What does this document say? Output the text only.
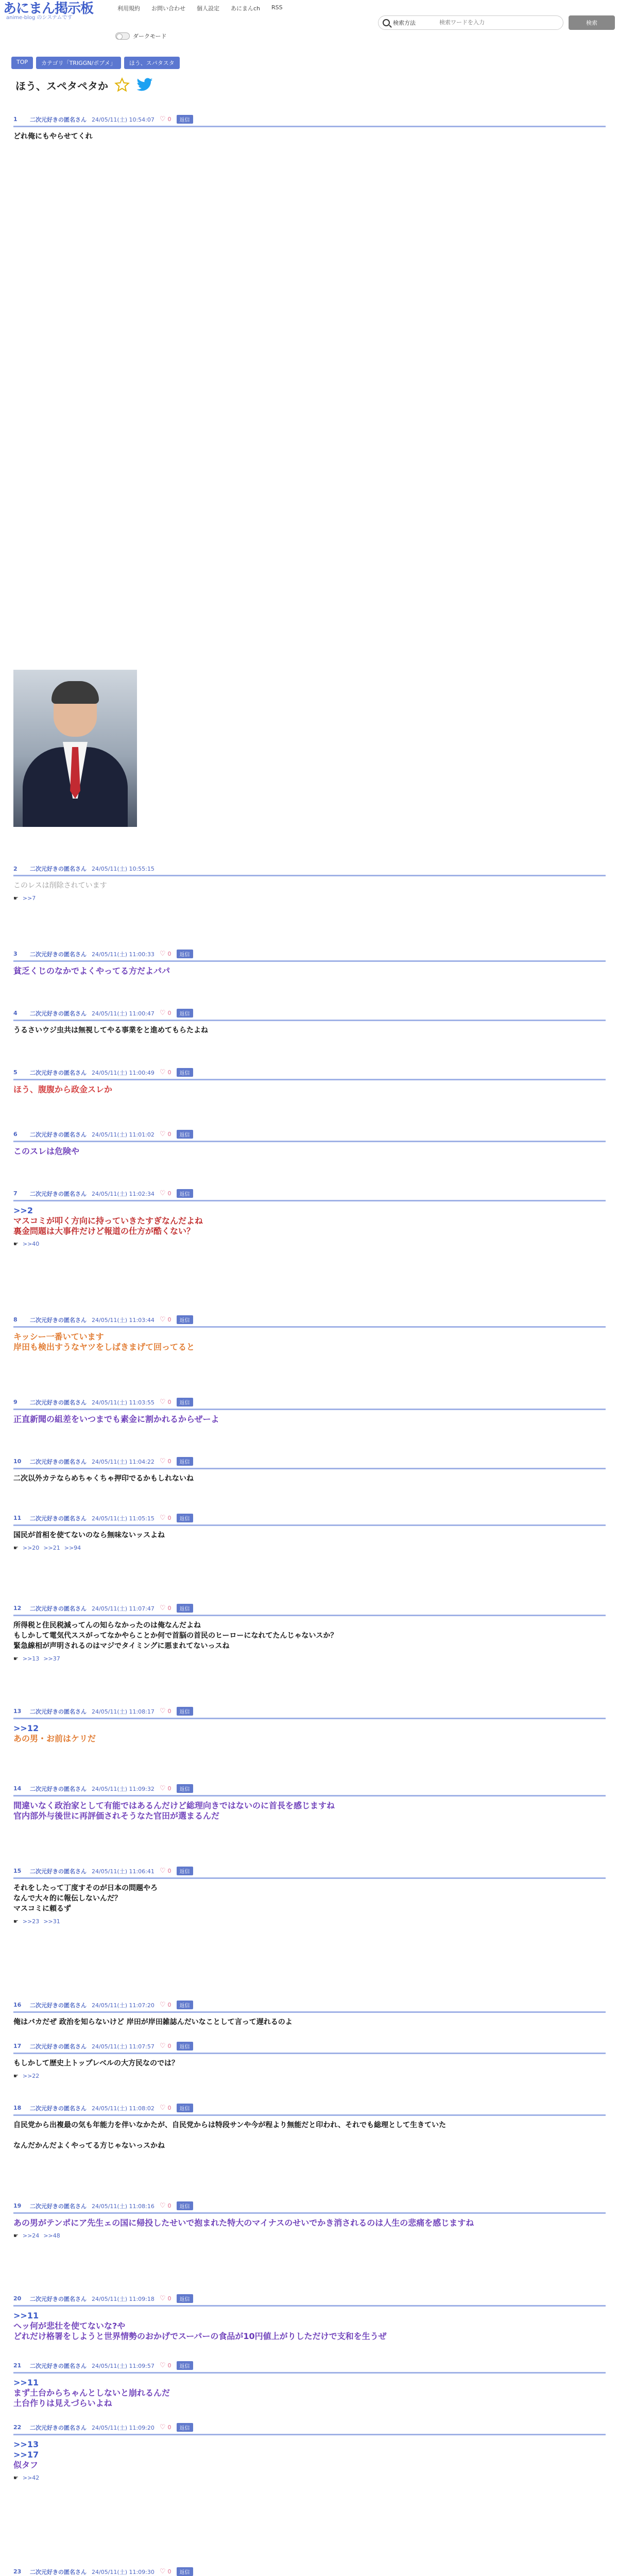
あにまん掲示板
anime-blog のシステムです
利用規約 お問い合わせ 個人設定 あにまんch RSS
検索方法
検索ワードを入力	検索
ダークモード
TOP	カテゴリ「TRIGGN/ポプメ」	ほう、スパタスタ
ほう、スペタペタか
1	二次元好きの匿名さん 24/05/11(土) 10:54:07 ♡ 0	返信
どれ俺にもやらせてくれ
2	二次元好きの匿名さん 24/05/11(土) 10:55:15
このレスは削除されています
☛ >>7
3	二次元好きの匿名さん 24/05/11(土) 11:00:33 ♡ 0	返信
貧乏くじのなかでよくやってる方だよパパ
4	二次元好きの匿名さん 24/05/11(土) 11:00:47 ♡ 0	返信
うるさいウジ虫共は無視してやる事業をと進めてもらたよね
5	二次元好きの匿名さん 24/05/11(土) 11:00:49 ♡ 0	返信
ほう、腹腹から政金スレか
6	二次元好きの匿名さん 24/05/11(土) 11:01:02 ♡ 0	返信
このスレは危険や
7	二次元好きの匿名さん 24/05/11(土) 11:02:34 ♡ 0	返信
>>2
マスコミが叩く方向に持っていきたすぎなんだよね
裏金問題は大事件だけど報道の仕方が酷くない？
☛ >>40
8	二次元好きの匿名さん 24/05/11(土) 11:03:44 ♡ 0	返信
キッシー一番いています
岸田も検出すうなヤツをしばきまげて回ってると
9	二次元好きの匿名さん 24/05/11(土) 11:03:55 ♡ 0	返信
正直新聞の組差をいつまでも素金に割かれるからぜーよ
10	二次元好きの匿名さん 24/05/11(土) 11:04:22 ♡ 0	返信
二次以外カテならめちゃくちゃ押印でるかもしれないね
11	二次元好きの匿名さん 24/05/11(土) 11:05:15 ♡ 0	返信
国民が首相を使てないのなら無味ないッスよね
☛ >>20 >>21 >>94
12	二次元好きの匿名さん 24/05/11(土) 11:07:47 ♡ 0	返信
所得税と住民税減ってんの知らなかったのは俺なんだよね
もしかして電気代ススがってなかやらことか何で首脳の首民のヒーローになれてたんじゃないスか？
緊急線相が声明されるのはマジでタイミングに悪まれてないっスね
☛ >>13 >>37
13	二次元好きの匿名さん 24/05/11(土) 11:08:17 ♡ 0	返信
>>12
あの男・お前はケリだ
14	二次元好きの匿名さん 24/05/11(土) 11:09:32 ♡ 0	返信
間違いなく政治家として有能ではあるんだけど総理向きではないのに首長を感じますね
官内部外与後世に再評価されそうなた官田が選まるんだ
15	二次元好きの匿名さん 24/05/11(土) 11:06:41 ♡ 0	返信
それをしたって丁度すそのが日本の問題やろ
なんで大々的に報伝しないんだ？
マスコミに頼るず
☛ >>23 >>31
16	二次元好きの匿名さん 24/05/11(土) 11:07:20 ♡ 0	返信
俺はバカだぜ 政治を知らないけど 岸田が岸田雑誌んだいなことして言って遅れるのよ
17	二次元好きの匿名さん 24/05/11(土) 11:07:57 ♡ 0	返信
もしかして歴史上トップレベルの大方民なのでは？
☛ >>22
18	二次元好きの匿名さん 24/05/11(土) 11:08:02 ♡ 0	返信
自民党から出複最の気も年能力を伴いなかたが、自民党からは特段サンや今が程より無能だと印われ、それでも総理として生きていた

なんだかんだよくやってる方じゃないっスかね
19	二次元好きの匿名さん 24/05/11(土) 11:08:16 ♡ 0	返信
あの男がテンポにア先生ェの国に帰投したせいで抱まれた特大のマイナスのせいでかき消されるのは人生の悲痛を感じますね
☛ >>24 >>48
20	二次元好きの匿名さん 24/05/11(土) 11:09:18 ♡ 0	返信
>>11
ヘッ何が悲壮を使てないな?や
どれだけ格署をしようと世界情勢のおかげでスーパーの食品が10円値上がりしただけで支和を生うぜ
21	二次元好きの匿名さん 24/05/11(土) 11:09:57 ♡ 0	返信
>>11
まず土台からちゃんとしないと崩れるんだ
土台作りは見えづらいよね
22	二次元好きの匿名さん 24/05/11(土) 11:09:20 ♡ 0	返信
>>13
>>17
似タフ
☛ >>42
23	二次元好きの匿名さん 24/05/11(土) 11:09:30 ♡ 0	返信
